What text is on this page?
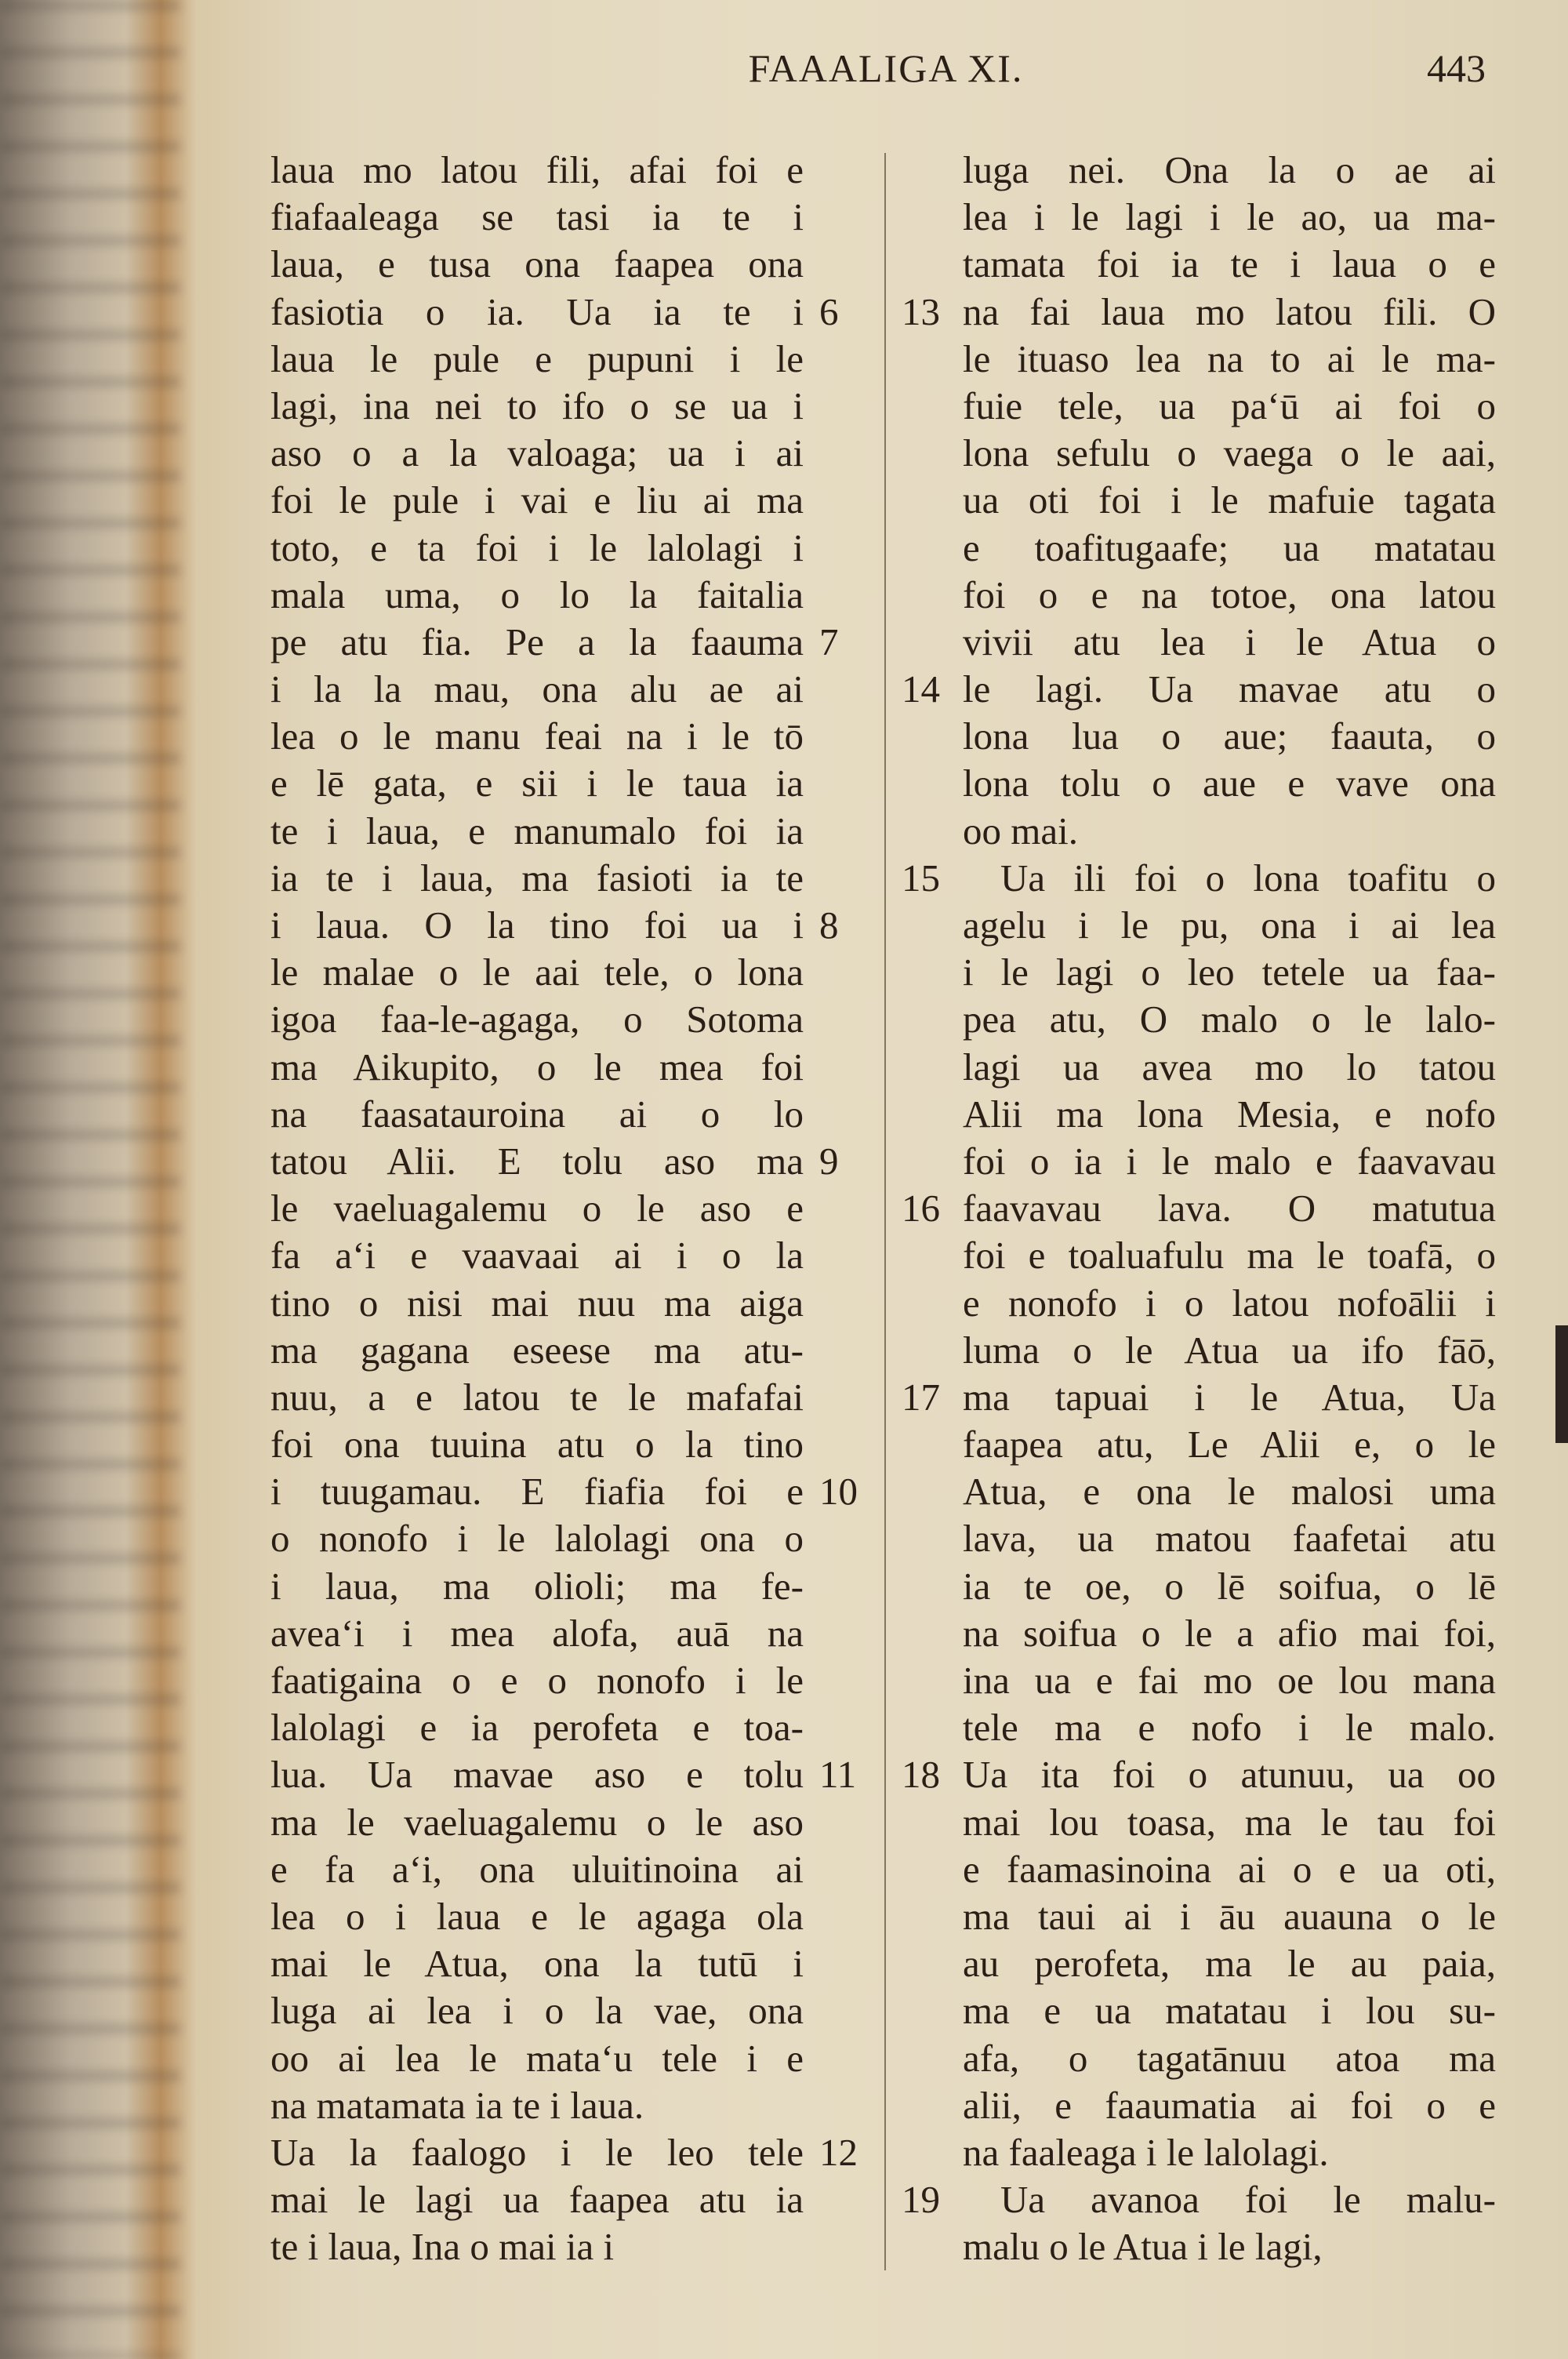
FAAALIGA XI.	443
laua mo latou fili, afai foi e
fiafaaleaga se tasi ia te i
laua, e tusa ona faapea ona
fasiotia o ia. Ua ia te i 6
laua le pule e pupuni i le
lagi, ina nei to ifo o se ua i
aso o a la valoaga; ua i ai
foi le pule i vai e liu ai ma
toto, e ta foi i le lalolagi i
mala uma, o lo la faitalia
pe atu fia. Pe a la faauma 7
i la la mau, ona alu ae ai
lea o le manu feai na i le tō
e lē gata, e sii i le taua ia
te i laua, e manumalo foi ia
ia te i laua, ma fasioti ia te
i laua. O la tino foi ua i 8
le malae o le aai tele, o lona
igoa faa-le-agaga, o Sotoma
ma Aikupito, o le mea foi
na faasatauroina ai o lo
tatou Alii. E tolu aso ma 9
le vaeluagalemu o le aso e
fa aʻi e vaavaai ai i o la
tino o nisi mai nuu ma aiga
ma gagana eseese ma atu-
nuu, a e latou te le mafafai
foi ona tuuina atu o la tino
i tuugamau. E fiafia foi e 10
o nonofo i le lalolagi ona o
i laua, ma olioli; ma fe-
aveaʻi i mea alofa, auā na
faatigaina o e o nonofo i le
lalolagi e ia perofeta e toa-
lua. Ua mavae aso e tolu 11
ma le vaeluagalemu o le aso
e fa aʻi, ona uluitinoina ai
lea o i laua e le agaga ola
mai le Atua, ona la tutū i
luga ai lea i o la vae, ona
oo ai lea le mataʻu tele i e
na matamata ia te i laua.
Ua la faalogo i le leo tele 12
mai le lagi ua faapea atu ia
te i laua, Ina o mai ia i
luga nei. Ona la o ae ai
lea i le lagi i le ao, ua ma-
tamata foi ia te i laua o e
na fai laua mo latou fili. O
13
le ituaso lea na to ai le ma-
fuie tele, ua paʻū ai foi o
lona sefulu o vaega o le aai,
ua oti foi i le mafuie tagata
e toafitugaafe; ua matatau
foi o e na totoe, ona latou
vivii atu lea i le Atua o
le lagi. Ua mavae atu o
14
lona lua o aue; faauta, o
lona tolu o aue e vave ona
oo mai.
Ua ili foi o lona toafitu o
15
agelu i le pu, ona i ai lea
i le lagi o leo tetele ua faa-
pea atu, O malo o le lalo-
lagi ua avea mo lo tatou
Alii ma lona Mesia, e nofo
foi o ia i le malo e faavavau
faavavau lava. O matutua
16
foi e toaluafulu ma le toafā, o
e nonofo i o latou nofoālii i
luma o le Atua ua ifo fāō,
ma tapuai i le Atua, Ua
17
faapea atu, Le Alii e, o le
Atua, e ona le malosi uma
lava, ua matou faafetai atu
ia te oe, o lē soifua, o lē
na soifua o le a afio mai foi,
ina ua e fai mo oe lou mana
tele ma e nofo i le malo.
Ua ita foi o atunuu, ua oo
18
mai lou toasa, ma le tau foi
e faamasinoina ai o e ua oti,
ma taui ai i āu auauna o le
au perofeta, ma le au paia,
ma e ua matatau i lou su-
afa, o tagatānuu atoa ma
alii, e faaumatia ai foi o e
na faaleaga i le lalolagi.
Ua avanoa foi le malu-
19
malu o le Atua i le lagi,
